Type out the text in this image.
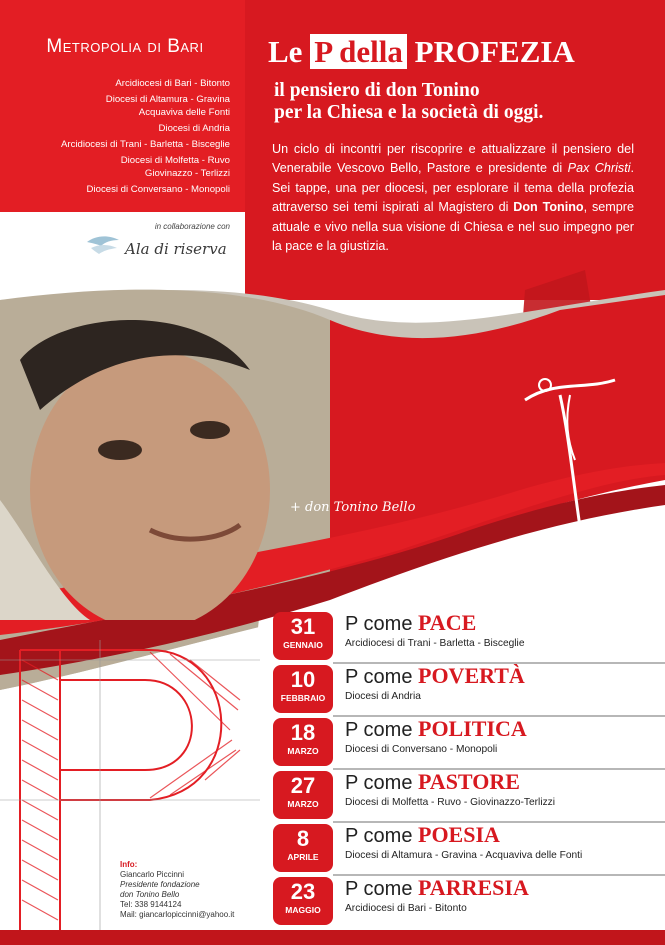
Metropolia di Bari
Arcidiocesi di Bari - Bitonto
Diocesi di Altamura - Gravina
Acquaviva delle Fonti
Diocesi di Andria
Arcidiocesi di Trani - Barletta - Bisceglie
Diocesi di Molfetta - Ruvo
Giovinazzo - Terlizzi
Diocesi di Conversano - Monopoli
in collaborazione con
Ala di riserva
Le P della PROFEZIA
il pensiero di don Tonino
per la Chiesa e la società di oggi.
Un ciclo di incontri per riscoprire e attualizzare il pensiero del Venerabile Vescovo Bello, Pastore e presidente di Pax Christi. Sei tappe, una per diocesi, per esplorare il tema della profezia attraverso sei temi ispirati al Magistero di Don Tonino, sempre attuale e vivo nella sua visione di Chiesa e nel suo impegno per la pace e la giustizia.
+ don Tonino Bello
31
GENNAIO
P come PACE
Arcidiocesi di Trani - Barletta - Bisceglie
10
FEBBRAIO
P come POVERTÀ
Diocesi di Andria
18
MARZO
P come POLITICA
Diocesi di Conversano - Monopoli
27
MARZO
P come PASTORE
Diocesi di Molfetta - Ruvo - Giovinazzo-Terlizzi
8
APRILE
P come POESIA
Diocesi di Altamura - Gravina - Acquaviva delle Fonti
23
MAGGIO
P come PARRESIA
Arcidiocesi di Bari - Bitonto
Info:
Giancarlo Piccinni
Presidente fondazione
don Tonino Bello
Tel: 338 9144124
Mail: giancarlopiccinni@yahoo.it
